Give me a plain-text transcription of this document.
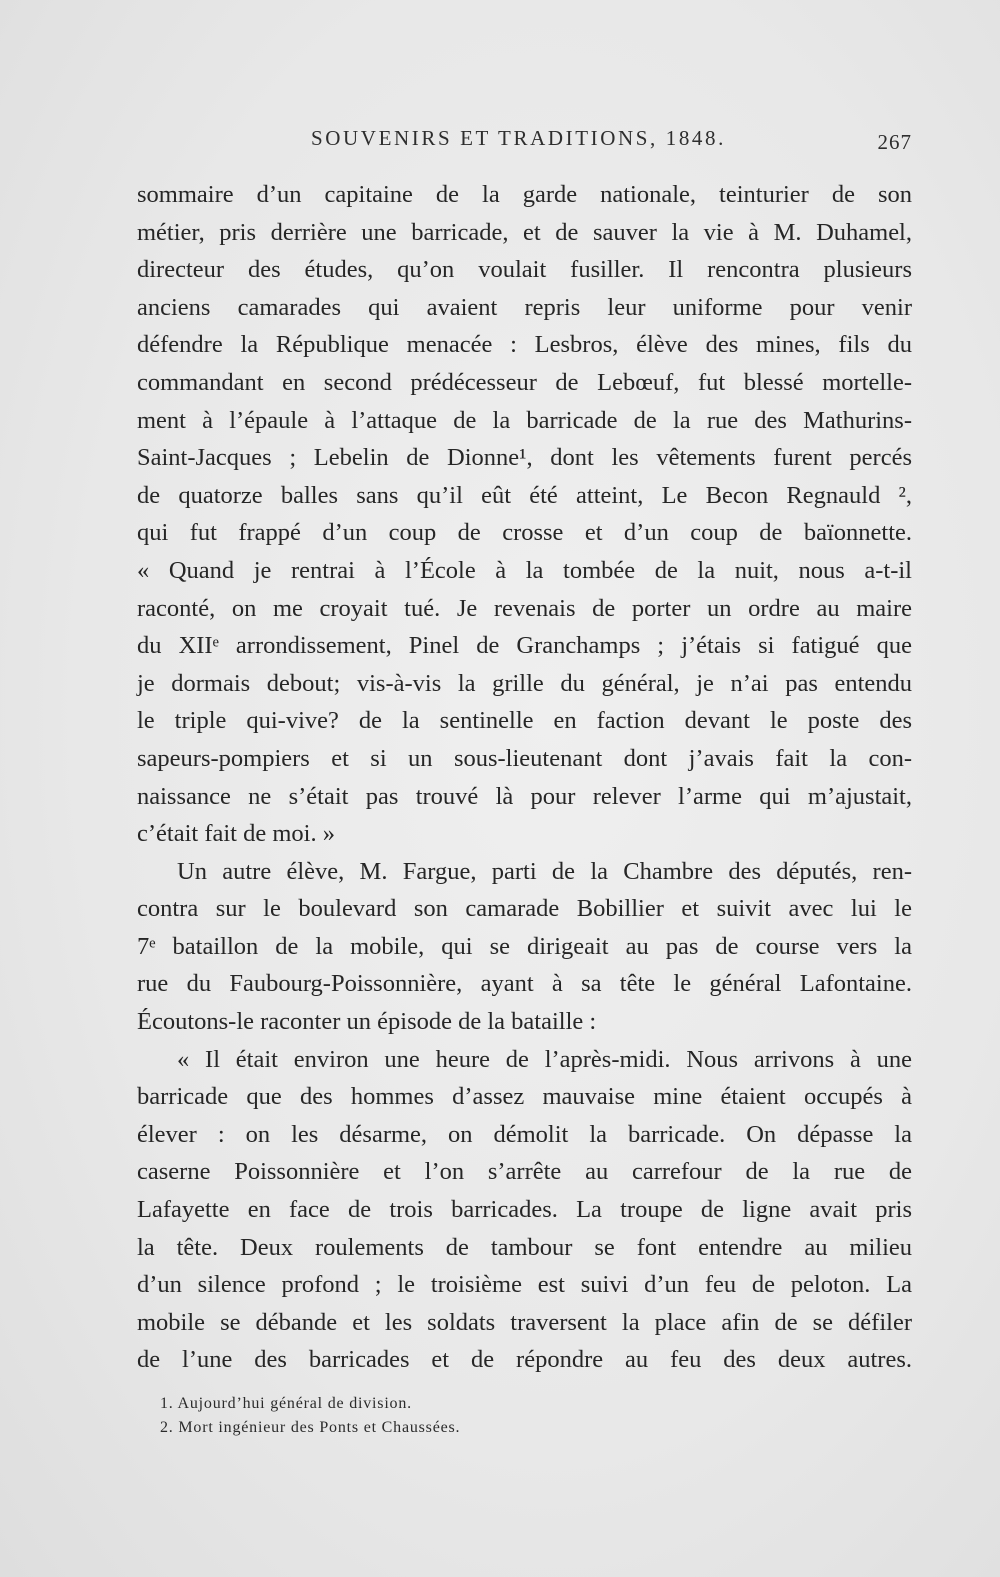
SOUVENIRS ET TRADITIONS, 1848.	267
sommaire d’un capitaine de la garde nationale, teinturier de son
métier, pris derrière une barricade, et de sauver la vie à M. Duhamel,
directeur des études, qu’on voulait fusiller. Il rencontra plusieurs
anciens camarades qui avaient repris leur uniforme pour venir
défendre la République menacée : Lesbros, élève des mines, fils du
commandant en second prédécesseur de Lebœuf, fut blessé mortelle-
ment à l’épaule à l’attaque de la barricade de la rue des Mathurins-
Saint-Jacques ; Lebelin de Dionne¹, dont les vêtements furent percés
de quatorze balles sans qu’il eût été atteint, Le Becon Regnauld ²,
qui fut frappé d’un coup de crosse et d’un coup de baïonnette.
« Quand je rentrai à l’École à la tombée de la nuit, nous a-t-il
raconté, on me croyait tué. Je revenais de porter un ordre au maire
du XIIᵉ arrondissement, Pinel de Granchamps ; j’étais si fatigué que
je dormais debout; vis-à-vis la grille du général, je n’ai pas entendu
le triple qui-vive? de la sentinelle en faction devant le poste des
sapeurs-pompiers et si un sous-lieutenant dont j’avais fait la con-
naissance ne s’était pas trouvé là pour relever l’arme qui m’ajustait,
c’était fait de moi. »
Un autre élève, M. Fargue, parti de la Chambre des députés, ren-
contra sur le boulevard son camarade Bobillier et suivit avec lui le
7ᵉ bataillon de la mobile, qui se dirigeait au pas de course vers la
rue du Faubourg-Poissonnière, ayant à sa tête le général Lafontaine.
Écoutons-le raconter un épisode de la bataille :
« Il était environ une heure de l’après-midi. Nous arrivons à une
barricade que des hommes d’assez mauvaise mine étaient occupés à
élever : on les désarme, on démolit la barricade. On dépasse la
caserne Poissonnière et l’on s’arrête au carrefour de la rue de
Lafayette en face de trois barricades. La troupe de ligne avait pris
la tête. Deux roulements de tambour se font entendre au milieu
d’un silence profond ; le troisième est suivi d’un feu de peloton. La
mobile se débande et les soldats traversent la place afin de se défiler
de l’une des barricades et de répondre au feu des deux autres.
1. Aujourd’hui général de division.
2. Mort ingénieur des Ponts et Chaussées.
